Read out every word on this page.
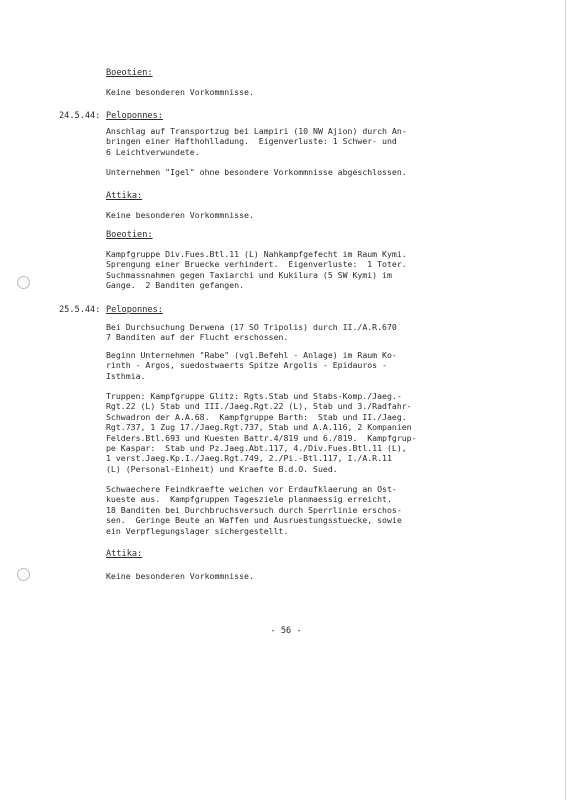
Boeotien:
Keine besonderen Vorkommnisse.
24.5.44: Peloponnes:
Anschlag auf Transportzug bei Lampiri (10 NW Ajion) durch An-
bringen einer Hafthohlladung.  Eigenverluste: 1 Schwer- und
6 Leichtverwundete.
Unternehmen "Igel" ohne besondere Vorkommnisse abgeschlossen.
Attika:
Keine besonderen Vorkommnisse.
Boeotien:
Kampfgruppe Div.Fues.Btl.11 (L) Nahkampfgefecht im Raum Kymi.
Sprengung einer Bruecke verhindert.  Eigenverluste:  1 Toter.
Suchmassnahmen gegen Taxiarchi und Kukilura (5 SW Kymi) im
Gange.  2 Banditen gefangen.
25.5.44: Peloponnes:
Bei Durchsuchung Derwena (17 SO Tripolis) durch II./A.R.670
7 Banditen auf der Flucht erschossen.
Beginn Unternehmen "Rabe" (vgl.Befehl - Anlage) im Raum Ko-
rinth - Argos, suedostwaerts Spitze Argolis - Epidauros -
Isthmia.
Truppen: Kampfgruppe Glitz: Rgts.Stab und Stabs-Komp./Jaeg.-
Rgt.22 (L) Stab und III./Jaeg.Rgt.22 (L), Stab und 3./Radfahr-
Schwadron der A.A.68.  Kampfgruppe Barth:  Stab und II./Jaeg.
Rgt.737, 1 Zug 17./Jaeg.Rgt.737, Stab und A.A.116, 2 Kompanien
Felders.Btl.693 und Kuesten Battr.4/819 und 6./819.  Kampfgrup-
pe Kaspar:  Stab und Pz.Jaeg.Abt.117, 4./Div.Fues.Btl.11 (L),
1 verst.Jaeg.Kp.I./Jaeg.Rgt.749, 2./Pi.-Btl.117, I./A.R.11
(L) (Personal-Einheit) und Kraefte B.d.O. Sued.
Schwaechere Feindkraefte weichen vor Erdaufklaerung an Ost-
kueste aus.  Kampfgruppen Tagesziele planmaessig erreicht.
18 Banditen bei Durchbruchsversuch durch Sperrlinie erschos-
sen.  Geringe Beute an Waffen und Ausruestungsstuecke, sowie
ein Verpflegungslager sichergestellt.
Attika:
Keine besonderen Vorkommnisse.
- 56 -
